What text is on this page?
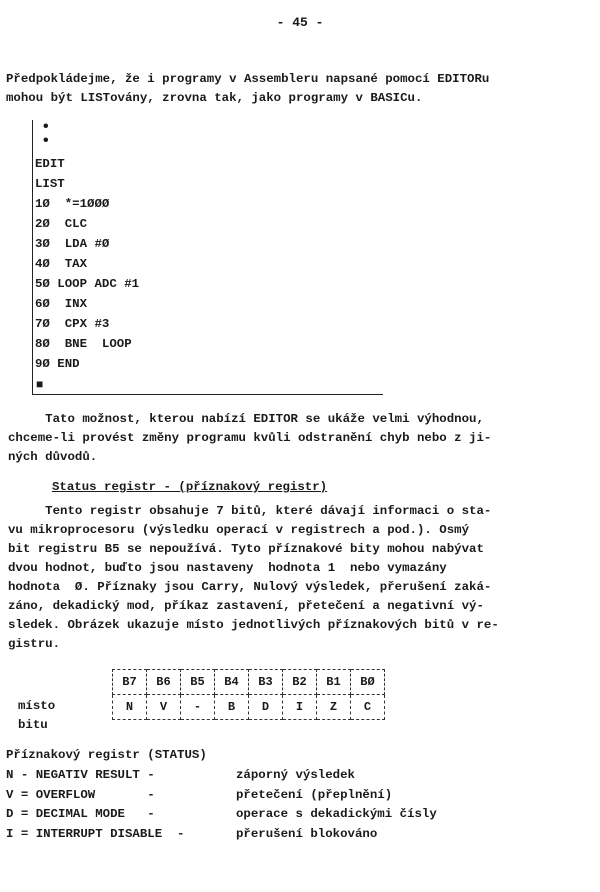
- 45 -

Předpokládejme, že i programy v Assembleru napsané pomocí EDITORu

mohou být LISTovány, zrovna tak, jako programy v BASICu.

•
•
EDIT
LIST
1Ø  *=1ØØØ
2Ø  CLC
3Ø  LDA #Ø
4Ø  TAX
5Ø LOOP ADC #1
6Ø  INX
7Ø  CPX #3
8Ø  BNE  LOOP
9Ø END
■

Tato možnost, kterou nabízí EDITOR se ukáže velmi výhodnou,

chceme-li provést změny programu kvůli odstranění chyb nebo z ji-

ných důvodů.

Status registr - (příznakový registr)

Tento registr obsahuje 7 bitů, které dávají informaci o sta-

vu mikroprocesoru (výsledku operací v registrech a pod.). Osmý

bit registru B5 se nepoužívá. Tyto příznakové bity mohou nabývat

dvou hodnot, buďto jsou nastaveny  hodnota 1  nebo vymazány

hodnota  Ø. Příznaky jsou Carry, Nulový výsledek, přerušení zaká-

záno, dekadický mod, příkaz zastavení, přetečení a negativní vý-

sledek. Obrázek ukazuje místo jednotlivých příznakových bitů v re-

gistru.

B7	B6	B5	B4	B3	B2	B1	BØ
N	V	-	B	D	I	Z	C
místo
bitu
Příznakový registr (STATUS)
N - NEGATIV RESULT -	záporný výsledek
V = OVERFLOW       -	přetečení (přeplnění)
D = DECIMAL MODE   -	operace s dekadickými čísly
I = INTERRUPT DISABLE  -	přerušení blokováno
